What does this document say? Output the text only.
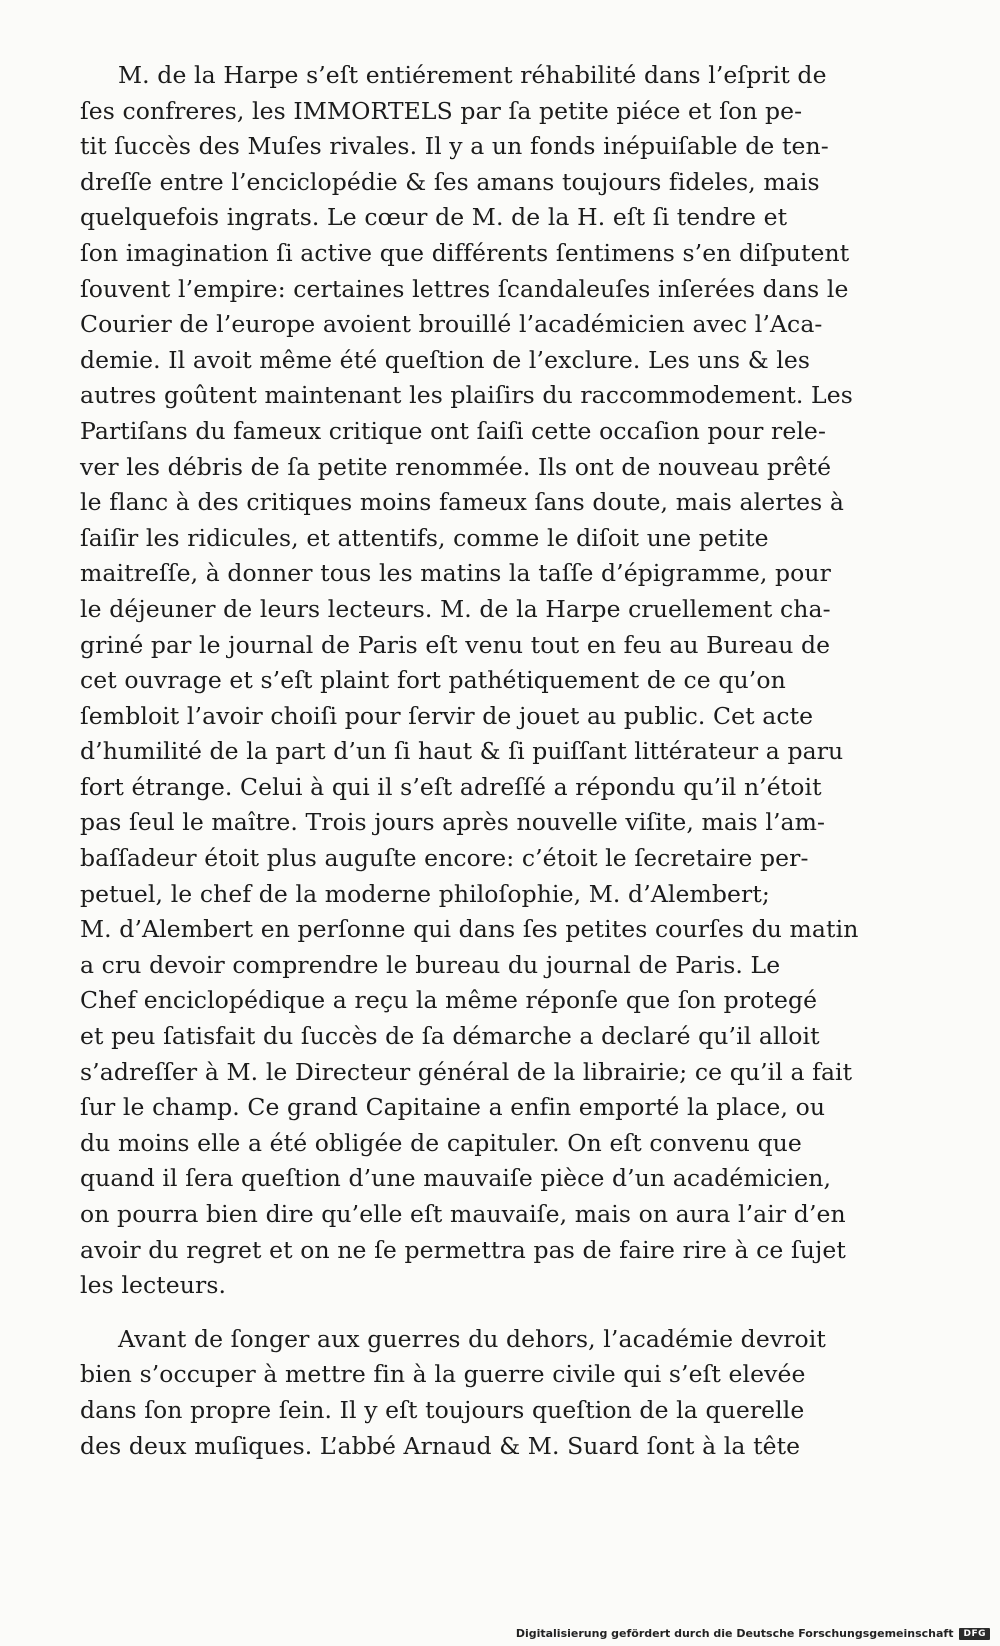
M. de la Harpe s’eſt entiérement réhabilité dans l’eſprit de
ſes confreres, les IMMORTELS par ſa petite piéce et ſon pe-
tit ſuccès des Muſes rivales. Il y a un fonds inépuiſable de ten-
dreſſe entre l’enciclopédie & ſes amans toujours fideles, mais
quelquefois ingrats. Le cœur de M. de la H. eſt ſi tendre et
ſon imagination ſi active que différents ſentimens s’en diſputent
ſouvent l’empire: certaines lettres ſcandaleuſes inſerées dans le
Courier de l’europe avoient brouillé l’académicien avec l’Aca-
demie. Il avoit même été queſtion de l’exclure. Les uns & les
autres goûtent maintenant les plaiſirs du raccommodement. Les
Partiſans du fameux critique ont ſaiſi cette occaſion pour rele-
ver les débris de ſa petite renommée. Ils ont de nouveau prêté
le flanc à des critiques moins fameux ſans doute, mais alertes à
ſaiſir les ridicules, et attentifs, comme le diſoit une petite
maitreſſe, à donner tous les matins la taſſe d’épigramme, pour
le déjeuner de leurs lecteurs. M. de la Harpe cruellement cha-
griné par le journal de Paris eſt venu tout en feu au Bureau de
cet ouvrage et s’eſt plaint fort pathétiquement de ce qu’on
ſembloit l’avoir choiſi pour ſervir de jouet au public. Cet acte
d’humilité de la part d’un ſi haut & ſi puiſſant littérateur a paru
fort étrange. Celui à qui il s’eſt adreſſé a répondu qu’il n’étoit
pas ſeul le maître. Trois jours après nouvelle viſite, mais l’am-
baſſadeur étoit plus auguſte encore: c’étoit le ſecretaire per-
petuel, le chef de la moderne philoſophie, M. d’Alembert;
M. d’Alembert en perſonne qui dans ſes petites courſes du matin
a cru devoir comprendre le bureau du journal de Paris. Le
Chef enciclopédique a reçu la même réponſe que ſon protegé
et peu ſatisfait du ſuccès de ſa démarche a declaré qu’il alloit
s’adreſſer à M. le Directeur général de la librairie; ce qu’il a fait
ſur le champ. Ce grand Capitaine a enfin emporté la place, ou
du moins elle a été obligée de capituler. On eſt convenu que
quand il ſera queſtion d’une mauvaiſe pièce d’un académicien,
on pourra bien dire qu’elle eſt mauvaiſe, mais on aura l’air d’en
avoir du regret et on ne ſe permettra pas de faire rire à ce ſujet
les lecteurs.
Avant de ſonger aux guerres du dehors, l’académie devroit
bien s’occuper à mettre fin à la guerre civile qui s’eſt elevée
dans ſon propre ſein. Il y eſt toujours queſtion de la querelle
des deux muſiques. L’abbé Arnaud & M. Suard ſont à la tête
Digitalisierung gefördert durch die Deutsche Forschungsgemeinschaft	DFG
